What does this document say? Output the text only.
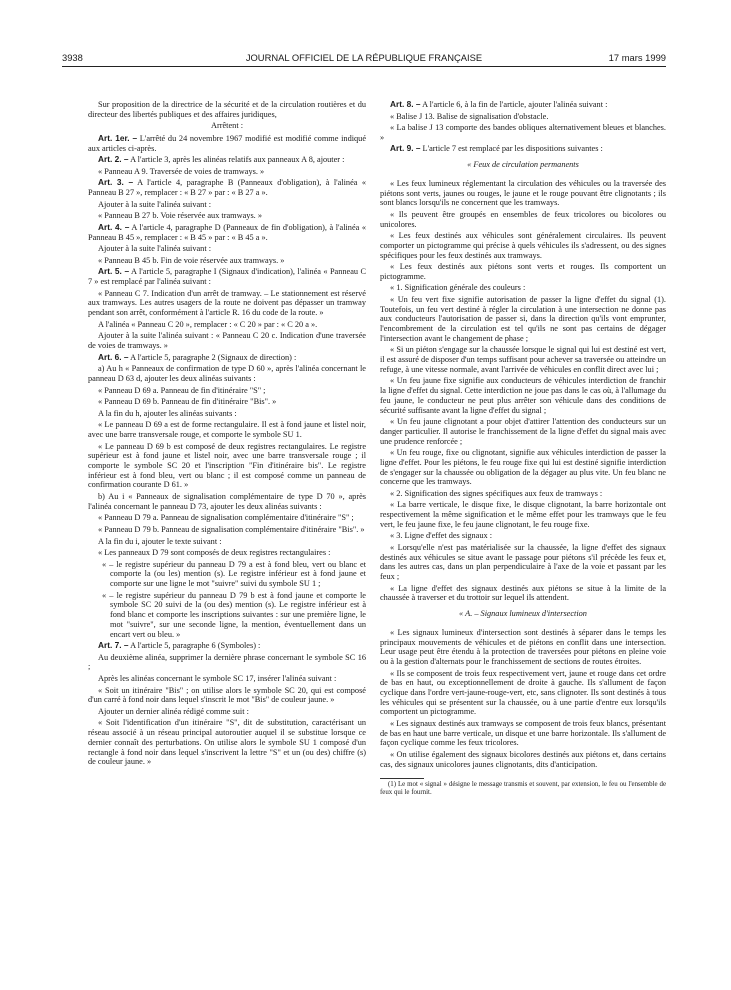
3938	JOURNAL OFFICIEL DE LA RÉPUBLIQUE FRANÇAISE	17 mars 1999

Sur proposition de la directrice de la sécurité et de la circulation routières et du directeur des libertés publiques et des affaires juridiques,

Arrêtent :

Art. 1er. – L'arrêté du 24 novembre 1967 modifié est modifié comme indiqué aux articles ci-après.

Art. 2. – A l'article 3, après les alinéas relatifs aux panneaux A 8, ajouter :

« Panneau A 9. Traversée de voies de tramways. »

Art. 3. – A l'article 4, paragraphe B (Panneaux d'obligation), à l'alinéa « Panneau B 27 », remplacer : « B 27 » par : « B 27 a ».

Ajouter à la suite l'alinéa suivant :

« Panneau B 27 b. Voie réservée aux tramways. »

Art. 4. – A l'article 4, paragraphe D (Panneaux de fin d'obligation), à l'alinéa « Panneau B 45 », remplacer : « B 45 » par : « B 45 a ».

Ajouter à la suite l'alinéa suivant :

« Panneau B 45 b. Fin de voie réservée aux tramways. »

Art. 5. – A l'article 5, paragraphe I (Signaux d'indication), l'alinéa « Panneau C 7 » est remplacé par l'alinéa suivant :

« Panneau C 7. Indication d'un arrêt de tramway. – Le stationnement est réservé aux tramways. Les autres usagers de la route ne doivent pas dépasser un tramway pendant son arrêt, conformément à l'article R. 16 du code de la route. »

A l'alinéa « Panneau C 20 », remplacer : « C 20 » par : « C 20 a ».

Ajouter à la suite l'alinéa suivant : « Panneau C 20 c. Indication d'une traversée de voies de tramways. »

Art. 6. – A l'article 5, paragraphe 2 (Signaux de direction) :

a) Au h « Panneaux de confirmation de type D 60 », après l'alinéa concernant le panneau D 63 d, ajouter les deux alinéas suivants :

« Panneau D 69 a. Panneau de fin d'itinéraire "S" ;

« Panneau D 69 b. Panneau de fin d'itinéraire "Bis". »

A la fin du h, ajouter les alinéas suivants :

« Le panneau D 69 a est de forme rectangulaire. Il est à fond jaune et listel noir, avec une barre transversale rouge, et comporte le symbole SU 1.

« Le panneau D 69 b est composé de deux registres rectangulaires. Le registre supérieur est à fond jaune et listel noir, avec une barre transversale rouge ; il comporte le symbole SC 20 et l'inscription "Fin d'itinéraire bis". Le registre inférieur est à fond bleu, vert ou blanc ; il est composé comme un panneau de confirmation courante D 61. »

b) Au i « Panneaux de signalisation complémentaire de type D 70 », après l'alinéa concernant le panneau D 73, ajouter les deux alinéas suivants :

« Panneau D 79 a. Panneau de signalisation complémentaire d'itinéraire "S" ;

« Panneau D 79 b. Panneau de signalisation complémentaire d'itinéraire "Bis". »

A la fin du i, ajouter le texte suivant :

« Les panneaux D 79 sont composés de deux registres rectangulaires :

« – le registre supérieur du panneau D 79 a est à fond bleu, vert ou blanc et comporte la (ou les) mention (s). Le registre inférieur est à fond jaune et comporte sur une ligne le mot "suivre" suivi du symbole SU 1 ;

« – le registre supérieur du panneau D 79 b est à fond jaune et comporte le symbole SC 20 suivi de la (ou des) mention (s). Le registre inférieur est à fond blanc et comporte les inscriptions suivantes : sur une première ligne, le mot "suivre", sur une seconde ligne, la mention, éventuellement dans un encart vert ou bleu. »

Art. 7. – A l'article 5, paragraphe 6 (Symboles) :

Au deuxième alinéa, supprimer la dernière phrase concernant le symbole SC 16 ;

Après les alinéas concernant le symbole SC 17, insérer l'alinéa suivant :

« Soit un itinéraire "Bis" ; on utilise alors le symbole SC 20, qui est composé d'un carré à fond noir dans lequel s'inscrit le mot "Bis" de couleur jaune. »

Ajouter un dernier alinéa rédigé comme suit :

« Soit l'identification d'un itinéraire "S", dit de substitution, caractérisant un réseau associé à un réseau principal autoroutier auquel il se substitue lorsque ce dernier connaît des perturbations. On utilise alors le symbole SU 1 composé d'un rectangle à fond noir dans lequel s'inscrivent la lettre "S" et un (ou des) chiffre (s) de couleur jaune. »

Art. 8. – A l'article 6, à la fin de l'article, ajouter l'alinéa suivant :

« Balise J 13. Balise de signalisation d'obstacle.

« La balise J 13 comporte des bandes obliques alternativement bleues et blanches. »

Art. 9. – L'article 7 est remplacé par les dispositions suivantes :

« Feux de circulation permanents

« Les feux lumineux réglementant la circulation des véhicules ou la traversée des piétons sont verts, jaunes ou rouges, le jaune et le rouge pouvant être clignotants ; ils sont blancs lorsqu'ils ne concernent que les tramways.

« Ils peuvent être groupés en ensembles de feux tricolores ou bicolores ou unicolores.

« Les feux destinés aux véhicules sont généralement circulaires. Ils peuvent comporter un pictogramme qui précise à quels véhicules ils s'adressent, ou des signes spécifiques pour les feux destinés aux tramways.

« Les feux destinés aux piétons sont verts et rouges. Ils comportent un pictogramme.

« 1. Signification générale des couleurs :

« Un feu vert fixe signifie autorisation de passer la ligne d'effet du signal (1). Toutefois, un feu vert destiné à régler la circulation à une intersection ne donne pas aux conducteurs l'autorisation de passer si, dans la direction qu'ils vont emprunter, l'encombrement de la circulation est tel qu'ils ne sont pas certains de dégager l'intersection avant le changement de phase ;

« Si un piéton s'engage sur la chaussée lorsque le signal qui lui est destiné est vert, il est assuré de disposer d'un temps suffisant pour achever sa traversée ou atteindre un refuge, à une vitesse normale, avant l'arrivée de véhicules en conflit direct avec lui ;

« Un feu jaune fixe signifie aux conducteurs de véhicules interdiction de franchir la ligne d'effet du signal. Cette interdiction ne joue pas dans le cas où, à l'allumage du feu jaune, le conducteur ne peut plus arrêter son véhicule dans des conditions de sécurité suffisante avant la ligne d'effet du signal ;

« Un feu jaune clignotant a pour objet d'attirer l'attention des conducteurs sur un danger particulier. Il autorise le franchissement de la ligne d'effet du signal mais avec une prudence renforcée ;

« Un feu rouge, fixe ou clignotant, signifie aux véhicules interdiction de passer la ligne d'effet. Pour les piétons, le feu rouge fixe qui lui est destiné signifie interdiction de s'engager sur la chaussée ou obligation de la dégager au plus vite. Un feu blanc ne concerne que les tramways.

« 2. Signification des signes spécifiques aux feux de tramways :

« La barre verticale, le disque fixe, le disque clignotant, la barre horizontale ont respectivement la même signification et le même effet pour les tramways que le feu vert, le feu jaune fixe, le feu jaune clignotant, le feu rouge fixe.

« 3. Ligne d'effet des signaux :

« Lorsqu'elle n'est pas matérialisée sur la chaussée, la ligne d'effet des signaux destinés aux véhicules se situe avant le passage pour piétons s'il précède les feux et, dans les autres cas, dans un plan perpendiculaire à l'axe de la voie et passant par les feux ;

« La ligne d'effet des signaux destinés aux piétons se situe à la limite de la chaussée à traverser et du trottoir sur lequel ils attendent.

« A. – Signaux lumineux d'intersection

« Les signaux lumineux d'intersection sont destinés à séparer dans le temps les principaux mouvements de véhicules et de piétons en conflit dans une intersection. Leur usage peut être étendu à la protection de traversées pour piétons en pleine voie ou à la gestion d'alternats pour le franchissement de sections de routes étroites.

« Ils se composent de trois feux respectivement vert, jaune et rouge dans cet ordre de bas en haut, ou exceptionnellement de droite à gauche. Ils s'allument de façon cyclique dans l'ordre vert-jaune-rouge-vert, etc, sans clignoter. Ils sont destinés à tous les véhicules qui se présentent sur la chaussée, ou à une partie d'entre eux lorsqu'ils comportent un pictogramme.

« Les signaux destinés aux tramways se composent de trois feux blancs, présentant de bas en haut une barre verticale, un disque et une barre horizontale. Ils s'allument de façon cyclique comme les feux tricolores.

« On utilise également des signaux bicolores destinés aux piétons et, dans certains cas, des signaux unicolores jaunes clignotants, dits d'anticipation.

(1) Le mot « signal » désigne le message transmis et souvent, par extension, le feu ou l'ensemble de feux qui le fournit.
